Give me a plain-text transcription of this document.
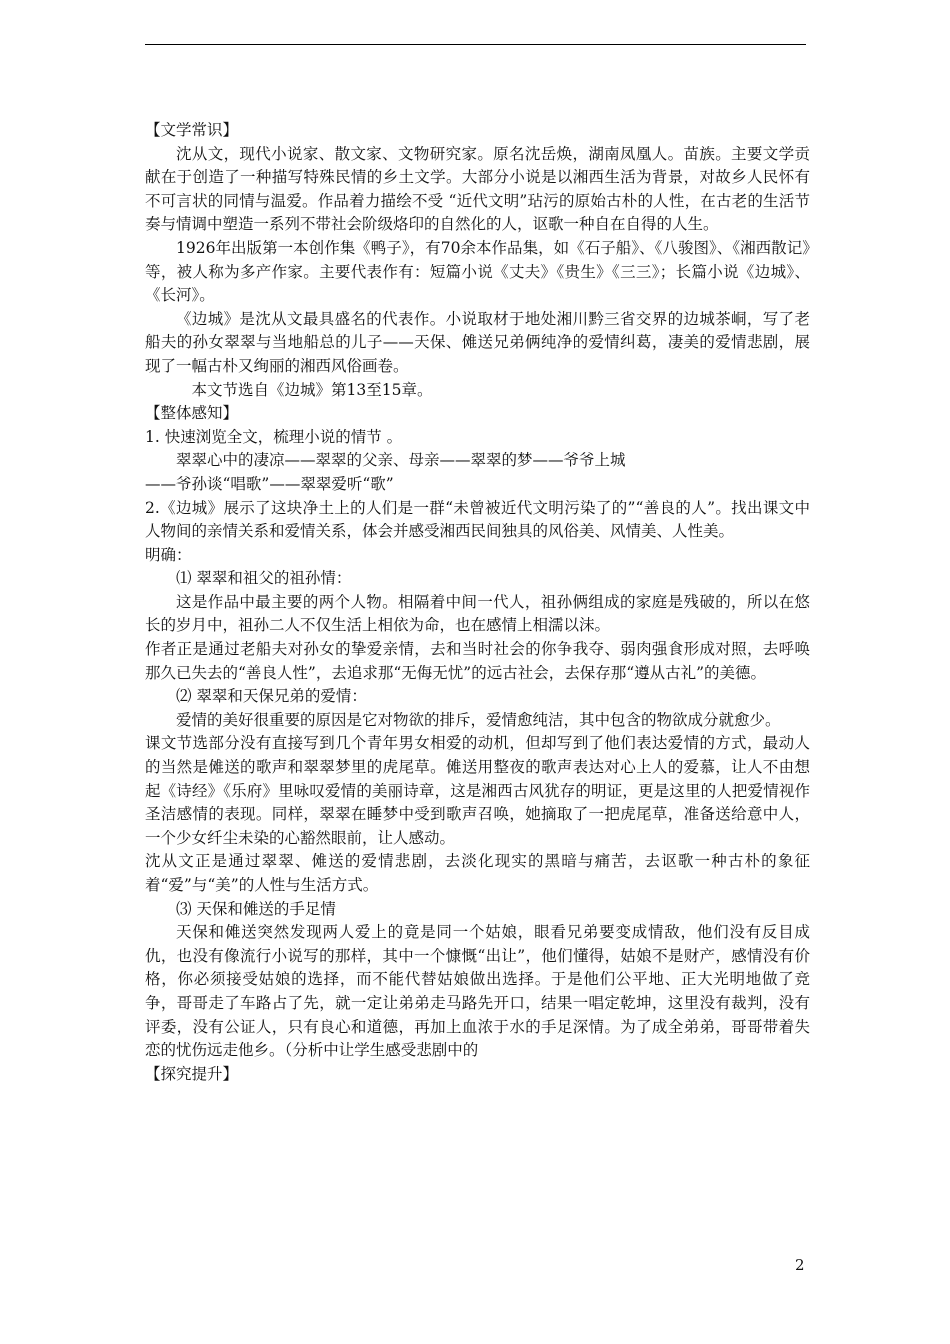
【文学常识】

沈从文，现代小说家、散文家、文物研究家。原名沈岳焕，湖南凤凰人。苗族。主要文学贡献在于创造了一种描写特殊民情的乡土文学。大部分小说是以湘西生活为背景，对故乡人民怀有不可言状的同情与温爱。作品着力描绘不受 “近代文明”玷污的原始古朴的人性，在古老的生活节奏与情调中塑造一系列不带社会阶级烙印的自然化的人，讴歌一种自在自得的人生。

1926年出版第一本创作集《鸭子》，有70余本作品集，如《石子船》、《八骏图》、《湘西散记》等，被人称为多产作家。主要代表作有：短篇小说《丈夫》《贵生》《三三》；长篇小说《边城》、《长河》。

《边城》是沈从文最具盛名的代表作。小说取材于地处湘川黔三省交界的边城茶峒，写了老船夫的孙女翠翠与当地船总的儿子——天保、傩送兄弟俩纯净的爱情纠葛，凄美的爱情悲剧，展现了一幅古朴又绚丽的湘西风俗画卷。

本文节选自《边城》第13至15章。

【整体感知】

1. 快速浏览全文，梳理小说的情节 。

翠翠心中的凄凉——翠翠的父亲、母亲——翠翠的梦——爷爷上城

——爷孙谈“唱歌”——翠翠爱听“歌”

2.《边城》展示了这块净土上的人们是一群“未曾被近代文明污染了的”“善良的人”。找出课文中人物间的亲情关系和爱情关系，体会并感受湘西民间独具的风俗美、风情美、人性美。

明确：

⑴ 翠翠和祖父的祖孙情：

这是作品中最主要的两个人物。相隔着中间一代人，祖孙俩组成的家庭是残破的，所以在悠长的岁月中，祖孙二人不仅生活上相依为命，也在感情上相濡以沫。

作者正是通过老船夫对孙女的挚爱亲情，去和当时社会的你争我夺、弱肉强食形成对照，去呼唤那久已失去的“善良人性”，去追求那“无侮无忧”的远古社会，去保存那“遵从古礼”的美德。

⑵ 翠翠和天保兄弟的爱情：

爱情的美好很重要的原因是它对物欲的排斥，爱情愈纯洁，其中包含的物欲成分就愈少。

课文节选部分没有直接写到几个青年男女相爱的动机，但却写到了他们表达爱情的方式，最动人的当然是傩送的歌声和翠翠梦里的虎尾草。傩送用整夜的歌声表达对心上人的爱慕，让人不由想起《诗经》《乐府》里咏叹爱情的美丽诗章，这是湘西古风犹存的明证，更是这里的人把爱情视作圣洁感情的表现。同样，翠翠在睡梦中受到歌声召唤，她摘取了一把虎尾草，准备送给意中人，一个少女纤尘未染的心豁然眼前，让人感动。

沈从文正是通过翠翠、傩送的爱情悲剧，去淡化现实的黑暗与痛苦，去讴歌一种古朴的象征着“爱”与“美”的人性与生活方式。

⑶ 天保和傩送的手足情

天保和傩送突然发现两人爱上的竟是同一个姑娘，眼看兄弟要变成情敌，他们没有反目成仇，也没有像流行小说写的那样，其中一个慷慨“出让”，他们懂得，姑娘不是财产，感情没有价格，你必须接受姑娘的选择，而不能代替姑娘做出选择。于是他们公平地、正大光明地做了竞争，哥哥走了车路占了先，就一定让弟弟走马路先开口，结果一唱定乾坤，这里没有裁判，没有评委，没有公证人，只有良心和道德，再加上血浓于水的手足深情。为了成全弟弟，哥哥带着失恋的忧伤远走他乡。（分析中让学生感受悲剧中的

【探究提升】

2
